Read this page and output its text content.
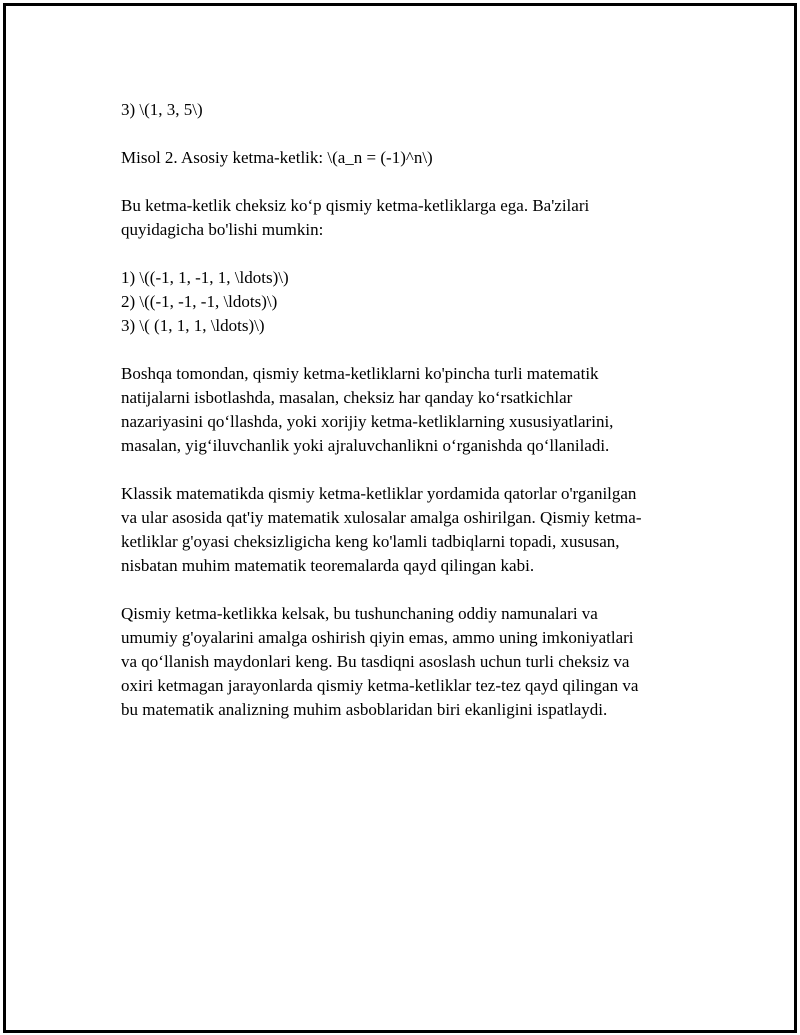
3) \(1, 3, 5\)

Misol 2. Asosiy ketma-ketlik: \(a_n = (-1)^n\)

Bu ketma-ketlik cheksiz ko‘p qismiy ketma-ketliklarga ega. Ba'zilari
quyidagicha bo'lishi mumkin:

1) \((-1, 1, -1, 1, \ldots)\)
2) \((-1, -1, -1, \ldots)\)
3) \( (1, 1, 1, \ldots)\)

Boshqa tomondan, qismiy ketma-ketliklarni ko'pincha turli matematik
natijalarni isbotlashda, masalan, cheksiz har qanday ko‘rsatkichlar
nazariyasini qo‘llashda, yoki xorijiy ketma-ketliklarning xususiyatlarini,
masalan, yig‘iluvchanlik yoki ajraluvchanlikni o‘rganishda qo‘llaniladi.

Klassik matematikda qismiy ketma-ketliklar yordamida qatorlar o'rganilgan
va ular asosida qat'iy matematik xulosalar amalga oshirilgan. Qismiy ketma-
ketliklar g'oyasi cheksizligicha keng ko'lamli tadbiqlarni topadi, xususan,
nisbatan muhim matematik teoremalarda qayd qilingan kabi.

Qismiy ketma-ketlikka kelsak, bu tushunchaning oddiy namunalari va
umumiy g'oyalarini amalga oshirish qiyin emas, ammo uning imkoniyatlari
va qo‘llanish maydonlari keng. Bu tasdiqni asoslash uchun turli cheksiz va
oxiri ketmagan jarayonlarda qismiy ketma-ketliklar tez-tez qayd qilingan va
bu matematik analizning muhim asboblaridan biri ekanligini ispatlaydi.
